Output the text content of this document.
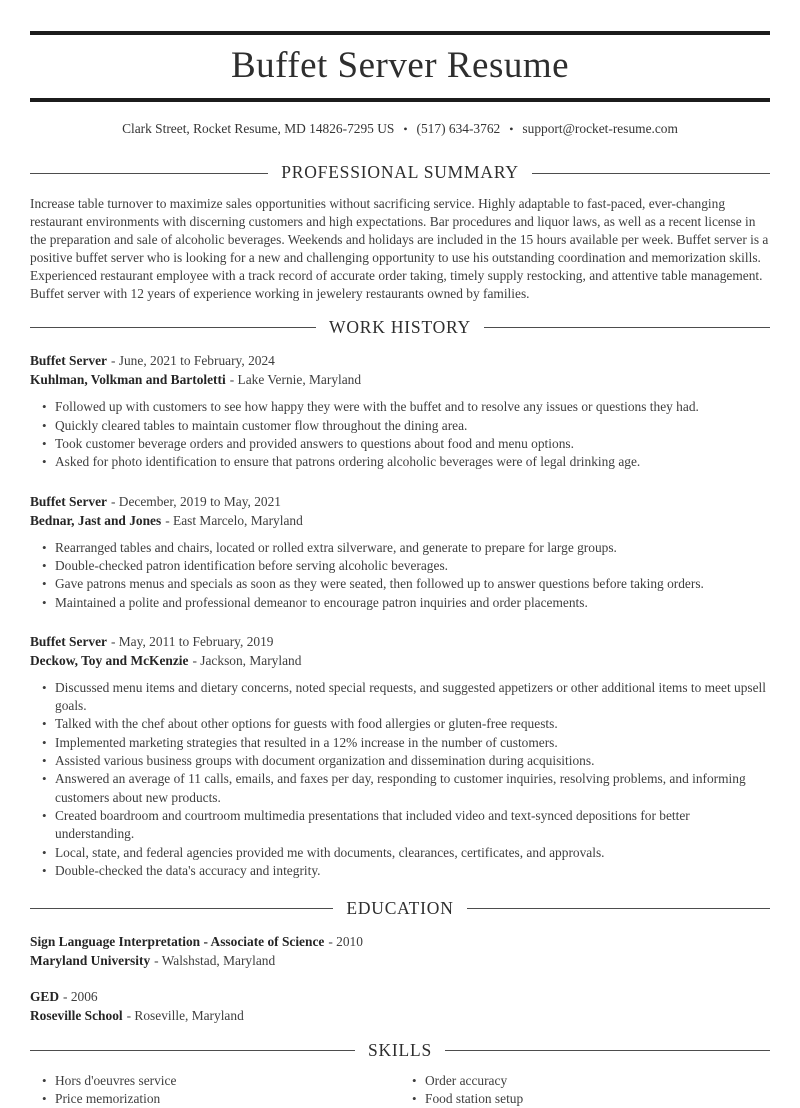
Buffet Server Resume
Clark Street, Rocket Resume, MD 14826-7295 US • (517) 634-3762 • support@rocket-resume.com
PROFESSIONAL SUMMARY

Increase table turnover to maximize sales opportunities without sacrificing service. Highly adaptable to fast-paced, ever-changing restaurant environments with discerning customers and high expectations. Bar procedures and liquor laws, as well as a recent license in the preparation and sale of alcoholic beverages. Weekends and holidays are included in the 15 hours available per week. Buffet server is a positive buffet server who is looking for a new and challenging opportunity to use his outstanding coordination and memorization skills. Experienced restaurant employee with a track record of accurate order taking, timely supply restocking, and attentive table management. Buffet server with 12 years of experience working in jewelery restaurants owned by families.

WORK HISTORY
Buffet Server - June, 2021 to February, 2024
Kuhlman, Volkman and Bartoletti - Lake Vernie, Maryland
• Followed up with customers to see how happy they were with the buffet and to resolve any issues or questions they had.
• Quickly cleared tables to maintain customer flow throughout the dining area.
• Took customer beverage orders and provided answers to questions about food and menu options.
• Asked for photo identification to ensure that patrons ordering alcoholic beverages were of legal drinking age.
Buffet Server - December, 2019 to May, 2021
Bednar, Jast and Jones - East Marcelo, Maryland
• Rearranged tables and chairs, located or rolled extra silverware, and generate to prepare for large groups.
• Double-checked patron identification before serving alcoholic beverages.
• Gave patrons menus and specials as soon as they were seated, then followed up to answer questions before taking orders.
• Maintained a polite and professional demeanor to encourage patron inquiries and order placements.
Buffet Server - May, 2011 to February, 2019
Deckow, Toy and McKenzie - Jackson, Maryland
• Discussed menu items and dietary concerns, noted special requests, and suggested appetizers or other additional items to meet upsell goals.
• Talked with the chef about other options for guests with food allergies or gluten-free requests.
• Implemented marketing strategies that resulted in a 12% increase in the number of customers.
• Assisted various business groups with document organization and dissemination during acquisitions.
• Answered an average of 11 calls, emails, and faxes per day, responding to customer inquiries, resolving problems, and informing customers about new products.
• Created boardroom and courtroom multimedia presentations that included video and text-synced depositions for better understanding.
• Local, state, and federal agencies provided me with documents, clearances, certificates, and approvals.
• Double-checked the data's accuracy and integrity.
EDUCATION
Sign Language Interpretation - Associate of Science - 2010
Maryland University - Walshstad, Maryland
GED - 2006
Roseville School - Roseville, Maryland
SKILLS
• Hors d'oeuvres service
• Price memorization
• Order accuracy
• Food station setup
